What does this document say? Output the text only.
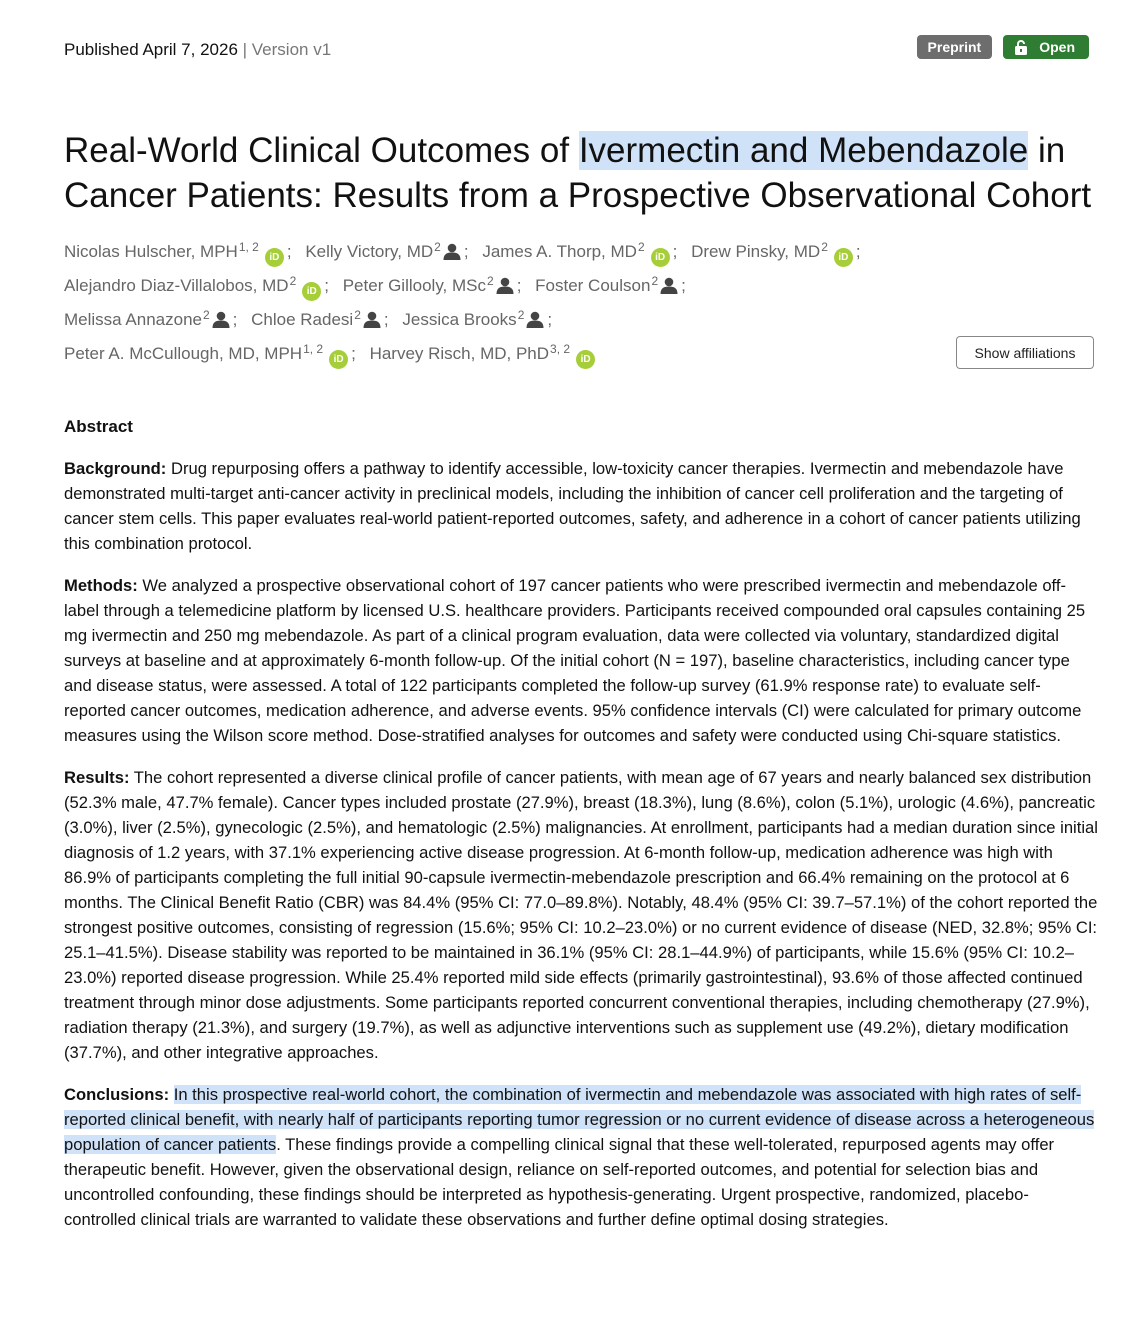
Published April 7, 2026 | Version v1	Preprint	Open
Real-World Clinical Outcomes of Ivermectin and Mebendazole in Cancer Patients: Results from a Prospective Observational Cohort
Nicolas Hulscher, MPH$^{1, 2}$iD ; Kelly Victory, $MD^2$ ; James A. Thorp, $MD^2iD$ ; Drew Pinsky, $MD^2iD$ ;
Alejandro Diaz-Villalobos, $MD^2iD$ ; Peter Gillooly, MSc$^2$ ; Foster Coulson$^2$ ;
Melissa Annazone$^2$ ; Chloe Radesi$^2$ ; Jessica Brooks$^2$ ;
Peter A. McCullough, MD, MPH$^{1, 2}$iD ; Harvey Risch, MD, PhD$^{3, 2}$iD	Show affiliations
Abstract

Background: Drug repurposing offers a pathway to identify accessible, low-toxicity cancer therapies. Ivermectin and mebendazole have demonstrated multi-target anti-cancer activity in preclinical models, including the inhibition of cancer cell proliferation and the targeting of cancer stem cells. This paper evaluates real-world patient-reported outcomes, safety, and adherence in a cohort of cancer patients utilizing this combination protocol.

Methods: We analyzed a prospective observational cohort of 197 cancer patients who were prescribed ivermectin and mebendazole off-label through a telemedicine platform by licensed U.S. healthcare providers. Participants received compounded oral capsules containing 25 mg ivermectin and 250 mg mebendazole. As part of a clinical program evaluation, data were collected via voluntary, standardized digital surveys at baseline and at approximately 6-month follow-up. Of the initial cohort (N = 197), baseline characteristics, including cancer type and disease status, were assessed. A total of 122 participants completed the follow-up survey (61.9% response rate) to evaluate self-reported cancer outcomes, medication adherence, and adverse events. 95% confidence intervals (CI) were calculated for primary outcome measures using the Wilson score method. Dose-stratified analyses for outcomes and safety were conducted using Chi-square statistics.

Results: The cohort represented a diverse clinical profile of cancer patients, with mean age of 67 years and nearly balanced sex distribution (52.3% male, 47.7% female). Cancer types included prostate (27.9%), breast (18.3%), lung (8.6%), colon (5.1%), urologic (4.6%), pancreatic (3.0%), liver (2.5%), gynecologic (2.5%), and hematologic (2.5%) malignancies. At enrollment, participants had a median duration since initial diagnosis of 1.2 years, with 37.1% experiencing active disease progression. At 6-month follow-up, medication adherence was high with 86.9% of participants completing the full initial 90-capsule ivermectin-mebendazole prescription and 66.4% remaining on the protocol at 6 months. The Clinical Benefit Ratio (CBR) was 84.4% (95% CI: 77.0–89.8%). Notably, 48.4% (95% CI: 39.7–57.1%) of the cohort reported the strongest positive outcomes, consisting of regression (15.6%; 95% CI: 10.2–23.0%) or no current evidence of disease (NED, 32.8%; 95% CI: 25.1–41.5%). Disease stability was reported to be maintained in 36.1% (95% CI: 28.1–44.9%) of participants, while 15.6% (95% CI: 10.2–23.0%) reported disease progression. While 25.4% reported mild side effects (primarily gastrointestinal), 93.6% of those affected continued treatment through minor dose adjustments. Some participants reported concurrent conventional therapies, including chemotherapy (27.9%), radiation therapy (21.3%), and surgery (19.7%), as well as adjunctive interventions such as supplement use (49.2%), dietary modification (37.7%), and other integrative approaches.

Conclusions: In this prospective real-world cohort, the combination of ivermectin and mebendazole was associated with high rates of self-reported clinical benefit, with nearly half of participants reporting tumor regression or no current evidence of disease across a heterogeneous population of cancer patients. These findings provide a compelling clinical signal that these well-tolerated, repurposed agents may offer therapeutic benefit. However, given the observational design, reliance on self-reported outcomes, and potential for selection bias and uncontrolled confounding, these findings should be interpreted as hypothesis-generating. Urgent prospective, randomized, placebo-controlled clinical trials are warranted to validate these observations and further define optimal dosing strategies.
